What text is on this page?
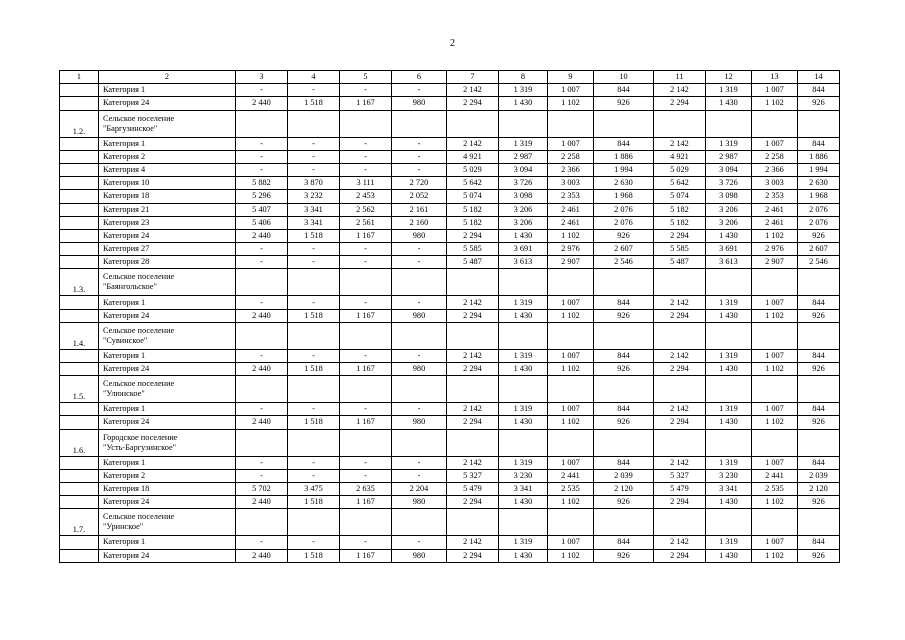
2
1	2	3	4	5	6	7	8	9	10	11	12	13	14
	Категория 1	-	-	-	-	2 142	1 319	1 007	844	2 142	1 319	1 007	844
	Категория 24	2 440	1 518	1 167	980	2 294	1 430	1 102	926	2 294	1 430	1 102	926
1.2.	Сельское поселение
"Баргузинское"												

	Категория 1	-	-	-	-	2 142	1 319	1 007	844	2 142	1 319	1 007	844
	Категория 2	-	-	-	-	4 921	2 987	2 258	1 886	4 921	2 987	2 258	1 886
	Категория 4	-	-	-	-	5 029	3 094	2 366	1 994	5 029	3 094	2 366	1 994
	Категория 10	5 882	3 870	3 111	2 720	5 642	3 726	3 003	2 630	5 642	3 726	3 003	2 630
	Категория 18	5 296	3 232	2 453	2 052	5 074	3 098	2 353	1 968	5 074	3 098	2 353	1 968
	Категория 21	5 407	3 341	2 562	2 161	5 182	3 206	2 461	2 076	5 182	3 206	2 461	2 076
	Категория 23	5 406	3 341	2 561	2 160	5 182	3 206	2 461	2 076	5 182	3 206	2 461	2 076
	Категория 24	2 440	1 518	1 167	980	2 294	1 430	1 102	926	2 294	1 430	1 102	926
	Категория 27	-	-	-	-	5 585	3 691	2 976	2 607	5 585	3 691	2 976	2 607
	Категория 28	-	-	-	-	5 487	3 613	2 907	2 546	5 487	3 613	2 907	2 546
1.3.	Сельское поселение
"Баянгольское"												

	Категория 1	-	-	-	-	2 142	1 319	1 007	844	2 142	1 319	1 007	844
	Категория 24	2 440	1 518	1 167	980	2 294	1 430	1 102	926	2 294	1 430	1 102	926
1.4.	Сельское поселение
"Сувинское"												

	Категория 1	-	-	-	-	2 142	1 319	1 007	844	2 142	1 319	1 007	844
	Категория 24	2 440	1 518	1 167	980	2 294	1 430	1 102	926	2 294	1 430	1 102	926
1.5.	Сельское поселение
"Улюнское"												

	Категория 1	-	-	-	-	2 142	1 319	1 007	844	2 142	1 319	1 007	844
	Категория 24	2 440	1 518	1 167	980	2 294	1 430	1 102	926	2 294	1 430	1 102	926
1.6.	Городское поселение
"Усть-Баргузинское"												

	Категория 1	-	-	-	-	2 142	1 319	1 007	844	2 142	1 319	1 007	844
	Категория 2	-	-	-	-	5 327	3 230	2 441	2 039	5 327	3 230	2 441	2 039
	Категория 18	5 702	3 475	2 635	2 204	5 479	3 341	2 535	2 120	5 479	3 341	2 535	2 120
	Категория 24	2 440	1 518	1 167	980	2 294	1 430	1 102	926	2 294	1 430	1 102	926
1.7.	Сельское поселение
"Уринское"												

	Категория 1	-	-	-	-	2 142	1 319	1 007	844	2 142	1 319	1 007	844
	Категория 24	2 440	1 518	1 167	980	2 294	1 430	1 102	926	2 294	1 430	1 102	926
